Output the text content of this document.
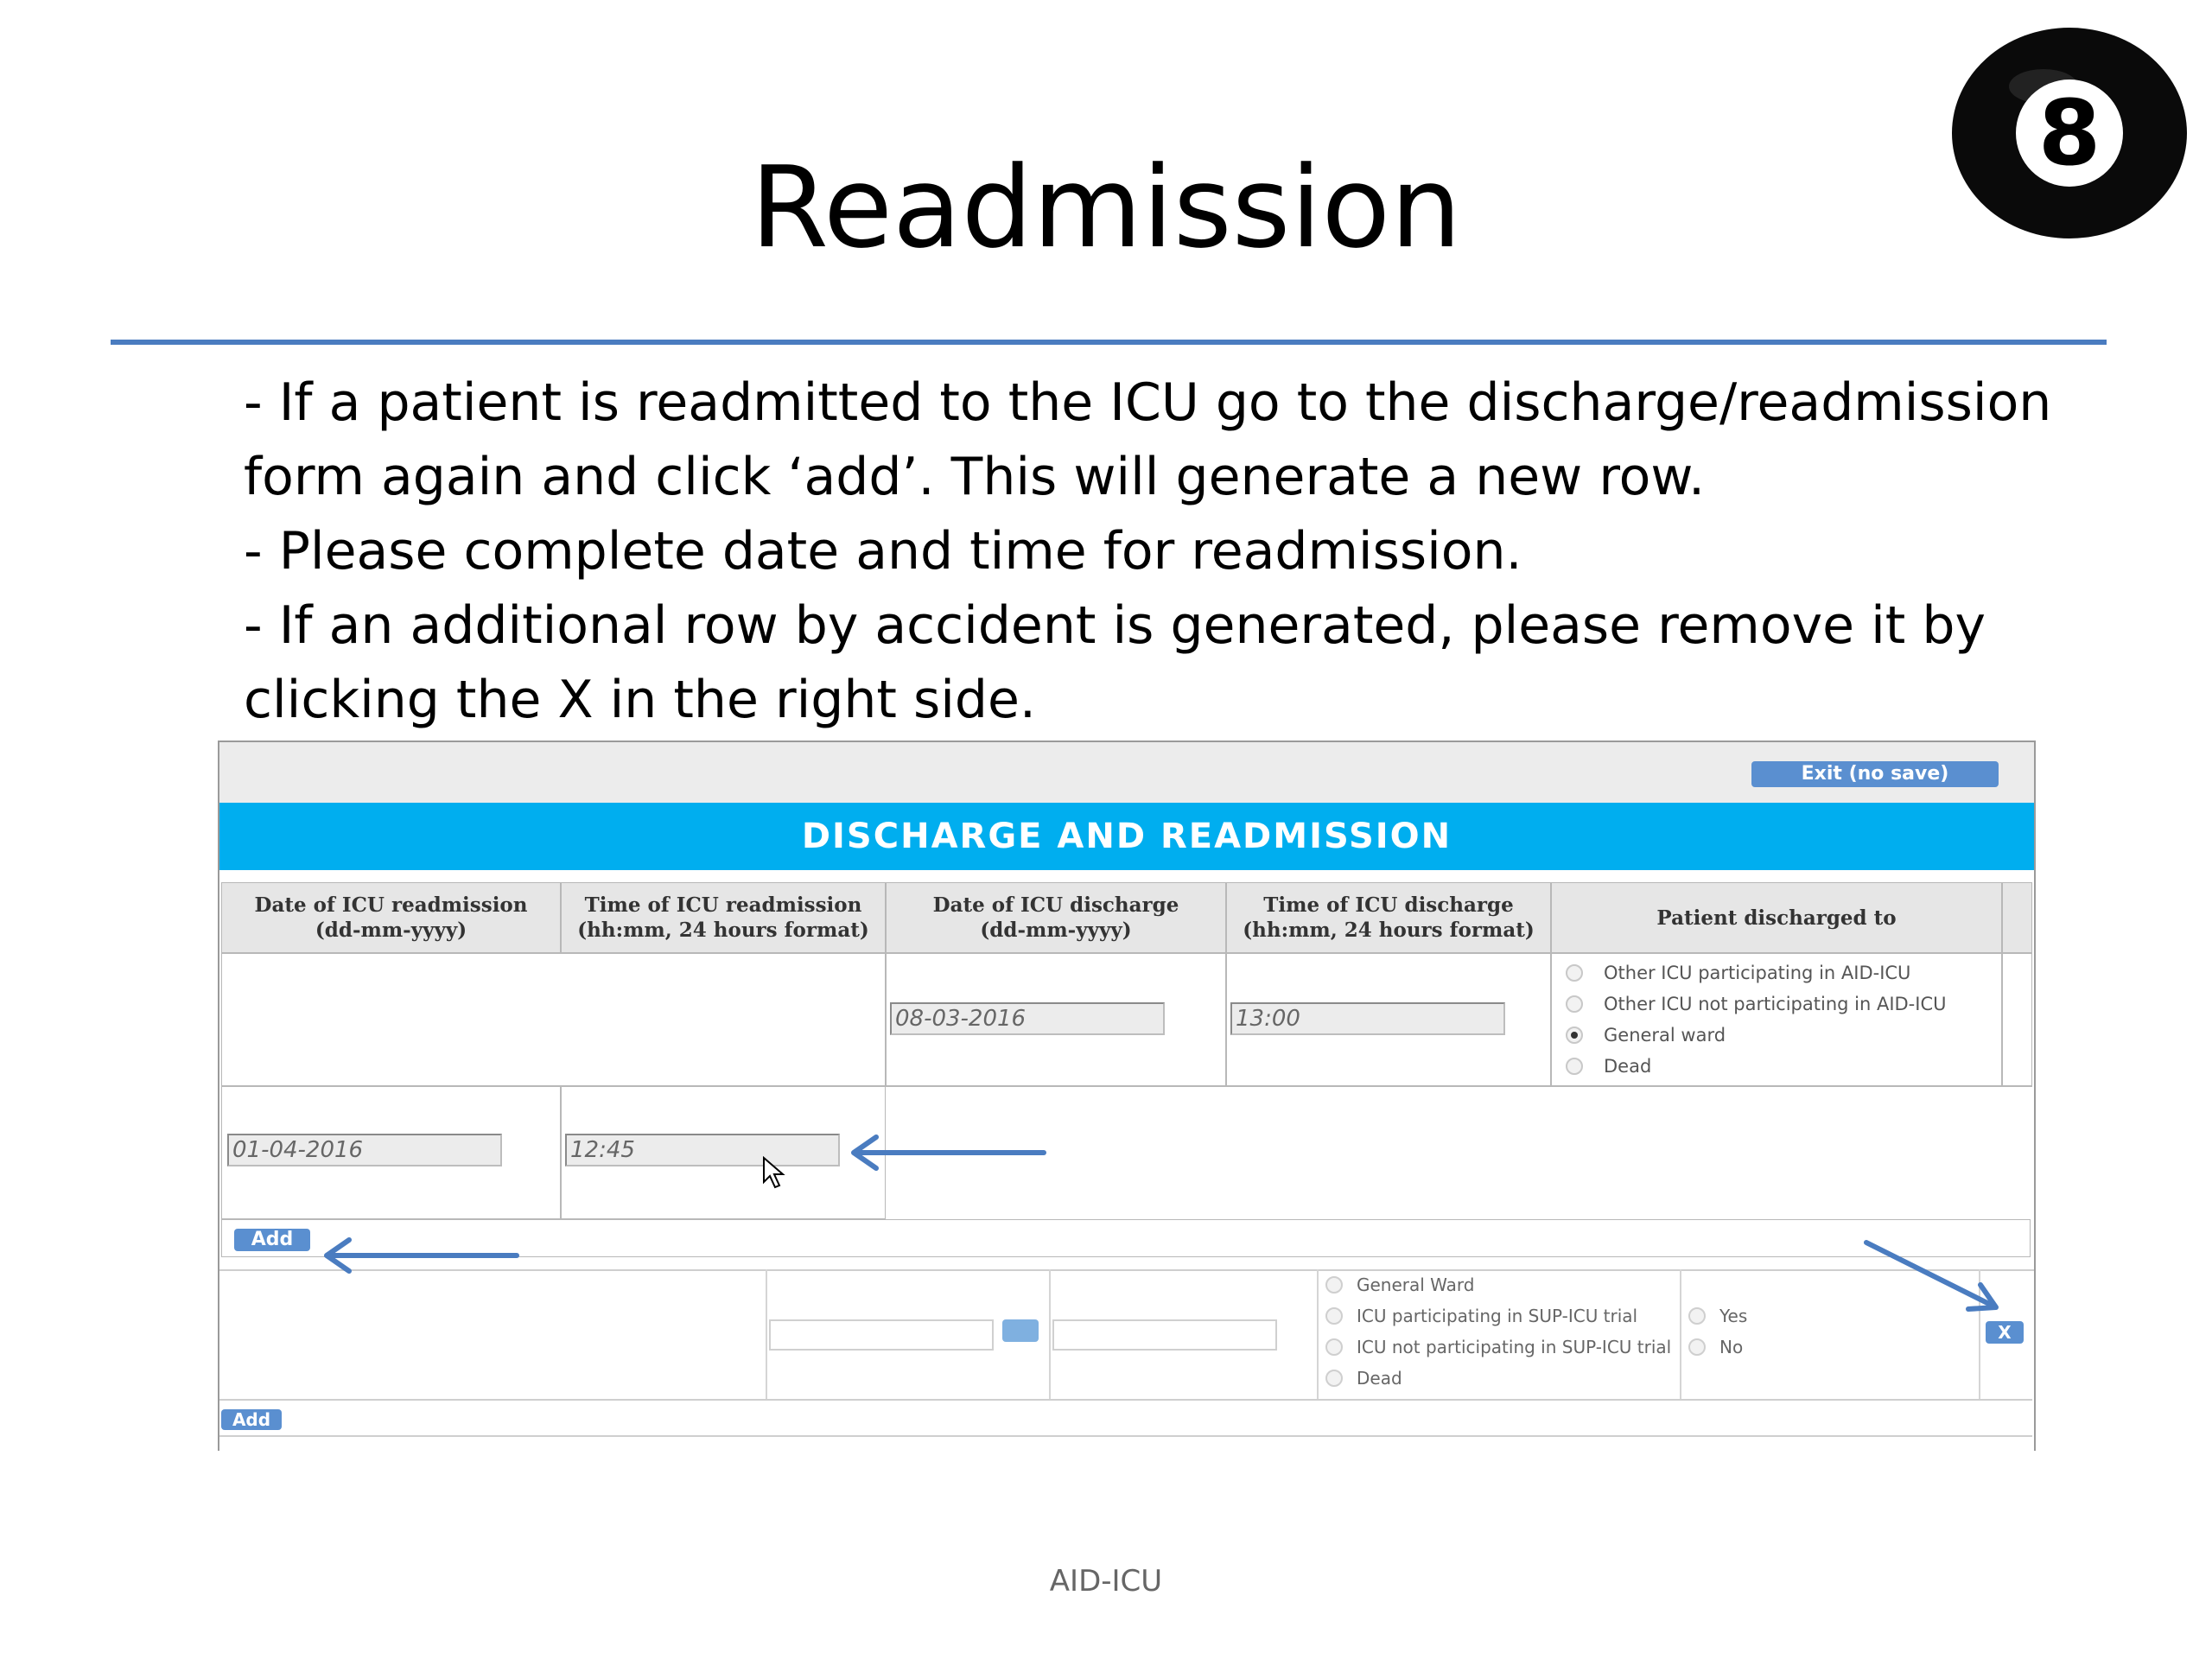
Readmission
8
- If a patient is readmitted to the ICU go to the discharge/readmission
form again and click ‘add’. This will generate a new row.
- Please complete date and time for readmission.
- If an additional row by accident is generated, please remove it by
clicking the X in the right side.
Exit (no save)
DISCHARGE AND READMISSION
Date of ICU readmission
(dd-mm-yyyy)
Time of ICU readmission
(hh:mm, 24 hours format)
Date of ICU discharge
(dd-mm-yyyy)
Time of ICU discharge
(hh:mm, 24 hours format)
Patient discharged to
08-03-2016	13:00
Other ICU participating in AID-ICU
Other ICU not participating in AID-ICU
General ward
Dead
01-04-2016	12:45
Add
General Ward
ICU participating in SUP-ICU trial
ICU not participating in SUP-ICU trial
Dead
Yes
No
X
Add
AID-ICU
